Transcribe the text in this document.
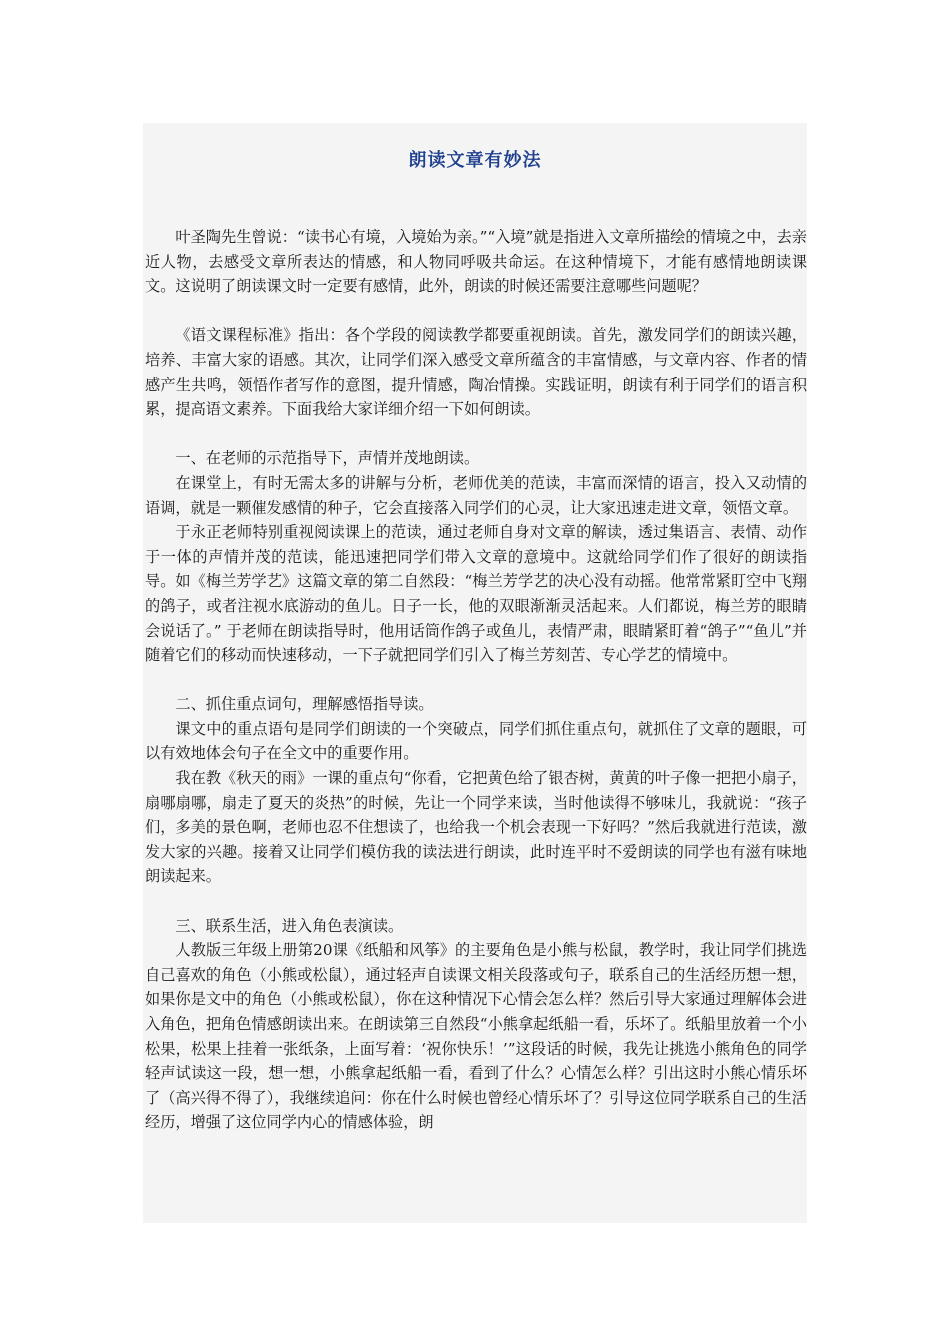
朗读文章有妙法

叶圣陶先生曾说：“读书心有境，入境始为亲。”“入境”就是指进入文章所描绘的情境之中，去亲近人物，去感受文章所表达的情感，和人物同呼吸共命运。在这种情境下，才能有感情地朗读课文。这说明了朗读课文时一定要有感情，此外，朗读的时候还需要注意哪些问题呢？

《语文课程标准》指出：各个学段的阅读教学都要重视朗读。首先，激发同学们的朗读兴趣，培养、丰富大家的语感。其次，让同学们深入感受文章所蕴含的丰富情感，与文章内容、作者的情感产生共鸣，领悟作者写作的意图，提升情感，陶冶情操。实践证明，朗读有利于同学们的语言积累，提高语文素养。下面我给大家详细介绍一下如何朗读。

一、在老师的示范指导下，声情并茂地朗读。

在课堂上，有时无需太多的讲解与分析，老师优美的范读，丰富而深情的语言，投入又动情的语调，就是一颗催发感情的种子，它会直接落入同学们的心灵，让大家迅速走进文章，领悟文章。

于永正老师特别重视阅读课上的范读，通过老师自身对文章的解读，透过集语言、表情、动作于一体的声情并茂的范读，能迅速把同学们带入文章的意境中。这就给同学们作了很好的朗读指导。如《梅兰芳学艺》这篇文章的第二自然段：“梅兰芳学艺的决心没有动摇。他常常紧盯空中飞翔的鸽子，或者注视水底游动的鱼儿。日子一长，他的双眼渐渐灵活起来。人们都说，梅兰芳的眼睛会说话了。” 于老师在朗读指导时，他用话筒作鸽子或鱼儿，表情严肃，眼睛紧盯着“鸽子”“鱼儿”并随着它们的移动而快速移动，一下子就把同学们引入了梅兰芳刻苦、专心学艺的情境中。

二、抓住重点词句，理解感悟指导读。

课文中的重点语句是同学们朗读的一个突破点，同学们抓住重点句，就抓住了文章的题眼，可以有效地体会句子在全文中的重要作用。

我在教《秋天的雨》一课的重点句“你看，它把黄色给了银杏树，黄黄的叶子像一把把小扇子，扇哪扇哪，扇走了夏天的炎热”的时候，先让一个同学来读，当时他读得不够味儿，我就说：“孩子们，多美的景色啊，老师也忍不住想读了，也给我一个机会表现一下好吗？”然后我就进行范读，激发大家的兴趣。接着又让同学们模仿我的读法进行朗读，此时连平时不爱朗读的同学也有滋有味地朗读起来。

三、联系生活，进入角色表演读。

人教版三年级上册第20课《纸船和风筝》的主要角色是小熊与松鼠，教学时，我让同学们挑选自己喜欢的角色（小熊或松鼠），通过轻声自读课文相关段落或句子，联系自己的生活经历想一想，如果你是文中的角色（小熊或松鼠），你在这种情况下心情会怎么样？然后引导大家通过理解体会进入角色，把角色情感朗读出来。在朗读第三自然段“小熊拿起纸船一看，乐坏了。纸船里放着一个小松果，松果上挂着一张纸条，上面写着：‘祝你快乐！’”这段话的时候，我先让挑选小熊角色的同学轻声试读这一段，想一想，小熊拿起纸船一看，看到了什么？心情怎么样？引出这时小熊心情乐坏了（高兴得不得了），我继续追问：你在什么时候也曾经心情乐坏了？引导这位同学联系自己的生活经历，增强了这位同学内心的情感体验，朗
